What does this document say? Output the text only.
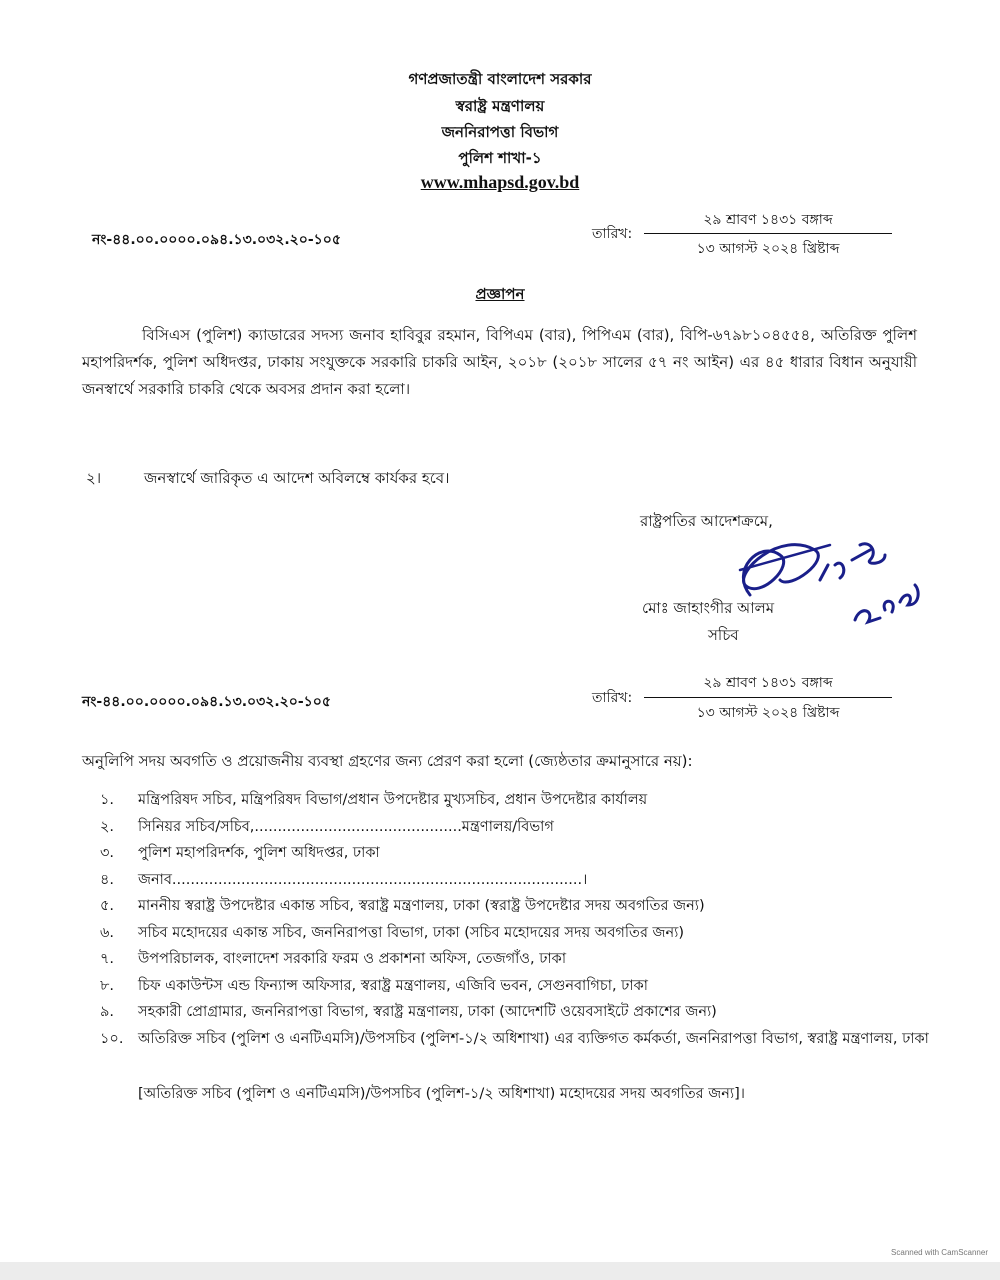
গণপ্রজাতন্ত্রী বাংলাদেশ সরকার
স্বরাষ্ট্র মন্ত্রণালয়
জননিরাপত্তা বিভাগ
পুলিশ শাখা-১
www.mhapsd.gov.bd
নং-৪৪.০০.০০০০.০৯৪.১৩.০৩২.২০-১০৫	তারিখ:
২৯ শ্রাবণ ১৪৩১ বঙ্গাব্দ
১৩ আগস্ট ২০২৪ খ্রিষ্টাব্দ
প্রজ্ঞাপন
বিসিএস (পুলিশ) ক্যাডারের সদস্য জনাব হাবিবুর রহমান, বিপিএম (বার), পিপিএম (বার), বিপি-৬৭৯৮১০৪৫৫৪, অতিরিক্ত পুলিশ মহাপরিদর্শক, পুলিশ অধিদপ্তর, ঢাকায় সংযুক্তকে সরকারি চাকরি আইন, ২০১৮ (২০১৮ সালের ৫৭ নং আইন) এর ৪৫ ধারার বিধান অনুযায়ী জনস্বার্থে সরকারি চাকরি থেকে অবসর প্রদান করা হলো।
২।	জনস্বার্থে জারিকৃত এ আদেশ অবিলম্বে কার্যকর হবে।
রাষ্ট্রপতির আদেশক্রমে,
মোঃ জাহাংগীর আলম
সচিব
নং-৪৪.০০.০০০০.০৯৪.১৩.০৩২.২০-১০৫	তারিখ:
২৯ শ্রাবণ ১৪৩১ বঙ্গাব্দ
১৩ আগস্ট ২০২৪ খ্রিষ্টাব্দ
অনুলিপি সদয় অবগতি ও প্রয়োজনীয় ব্যবস্থা গ্রহণের জন্য প্রেরণ করা হলো (জ্যেষ্ঠতার ক্রমানুসারে নয়):
১.	মন্ত্রিপরিষদ সচিব, মন্ত্রিপরিষদ বিভাগ/প্রধান উপদেষ্টার মুখ্যসচিব, প্রধান উপদেষ্টার কার্যালয়
২.	সিনিয়র সচিব/সচিব,.............................................মন্ত্রণালয়/বিভাগ
৩.	পুলিশ মহাপরিদর্শক, পুলিশ অধিদপ্তর, ঢাকা
৪.	জনাব.........................................................................................।
৫.	মাননীয় স্বরাষ্ট্র উপদেষ্টার একান্ত সচিব, স্বরাষ্ট্র মন্ত্রণালয়, ঢাকা (স্বরাষ্ট্র উপদেষ্টার সদয় অবগতির জন্য)
৬.	সচিব মহোদয়ের একান্ত সচিব, জননিরাপত্তা বিভাগ, ঢাকা (সচিব মহোদয়ের সদয় অবগতির জন্য)
৭.	উপপরিচালক, বাংলাদেশ সরকারি ফরম ও প্রকাশনা অফিস, তেজগাঁও, ঢাকা
৮.	চিফ একাউন্টস এন্ড ফিন্যান্স অফিসার, স্বরাষ্ট্র মন্ত্রণালয়, এজিবি ভবন, সেগুনবাগিচা, ঢাকা
৯.	সহকারী প্রোগ্রামার, জননিরাপত্তা বিভাগ, স্বরাষ্ট্র মন্ত্রণালয়, ঢাকা (আদেশটি ওয়েবসাইটে প্রকাশের জন্য)
১০.	অতিরিক্ত সচিব (পুলিশ ও এনটিএমসি)/উপসচিব (পুলিশ-১/২ অধিশাখা) এর ব্যক্তিগত কর্মকর্তা, জননিরাপত্তা বিভাগ, স্বরাষ্ট্র মন্ত্রণালয়, ঢাকা
[অতিরিক্ত সচিব (পুলিশ ও এনটিএমসি)/উপসচিব (পুলিশ-১/২ অধিশাখা) মহোদয়ের সদয় অবগতির জন্য]।
Scanned with CamScanner
